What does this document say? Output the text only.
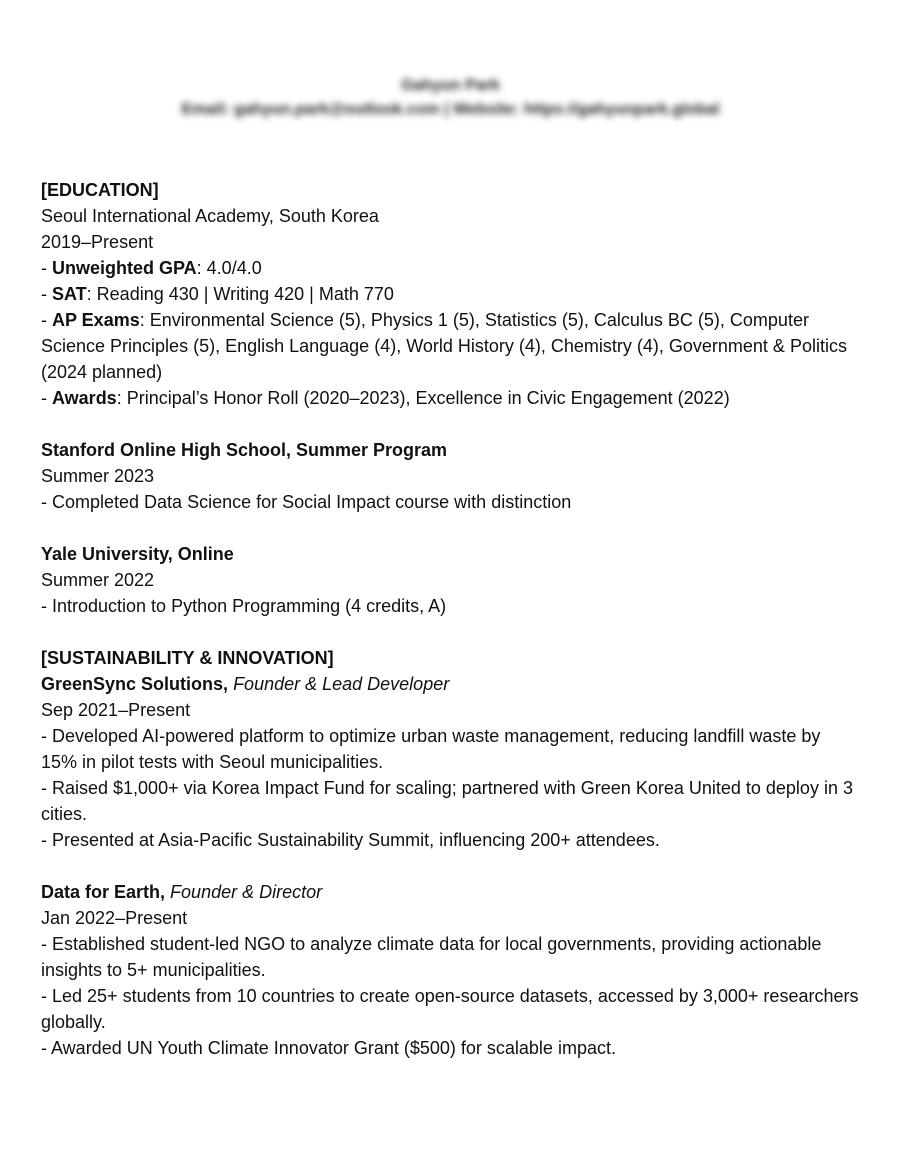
Gahyun Park
Email: gahyun.park@outlook.com | Website: https://gahyunpark.global
[EDUCATION]
Seoul International Academy, South Korea
2019–Present
- Unweighted GPA: 4.0/4.0
- SAT: Reading 430 | Writing 420 | Math 770
- AP Exams: Environmental Science (5), Physics 1 (5), Statistics (5), Calculus BC (5), Computer Science Principles (5), English Language (4), World History (4), Chemistry (4), Government & Politics (2024 planned)
- Awards: Principal’s Honor Roll (2020–2023), Excellence in Civic Engagement (2022)
Stanford Online High School, Summer Program
Summer 2023
- Completed Data Science for Social Impact course with distinction
Yale University, Online
Summer 2022
- Introduction to Python Programming (4 credits, A)
[SUSTAINABILITY & INNOVATION]
GreenSync Solutions, Founder & Lead Developer
Sep 2021–Present
- Developed AI-powered platform to optimize urban waste management, reducing landfill waste by 15% in pilot tests with Seoul municipalities.
- Raised $1,000+ via Korea Impact Fund for scaling; partnered with Green Korea United to deploy in 3 cities.
- Presented at Asia-Pacific Sustainability Summit, influencing 200+ attendees.
Data for Earth, Founder & Director
Jan 2022–Present
- Established student-led NGO to analyze climate data for local governments, providing actionable insights to 5+ municipalities.
- Led 25+ students from 10 countries to create open-source datasets, accessed by 3,000+ researchers globally.
- Awarded UN Youth Climate Innovator Grant ($500) for scalable impact.
